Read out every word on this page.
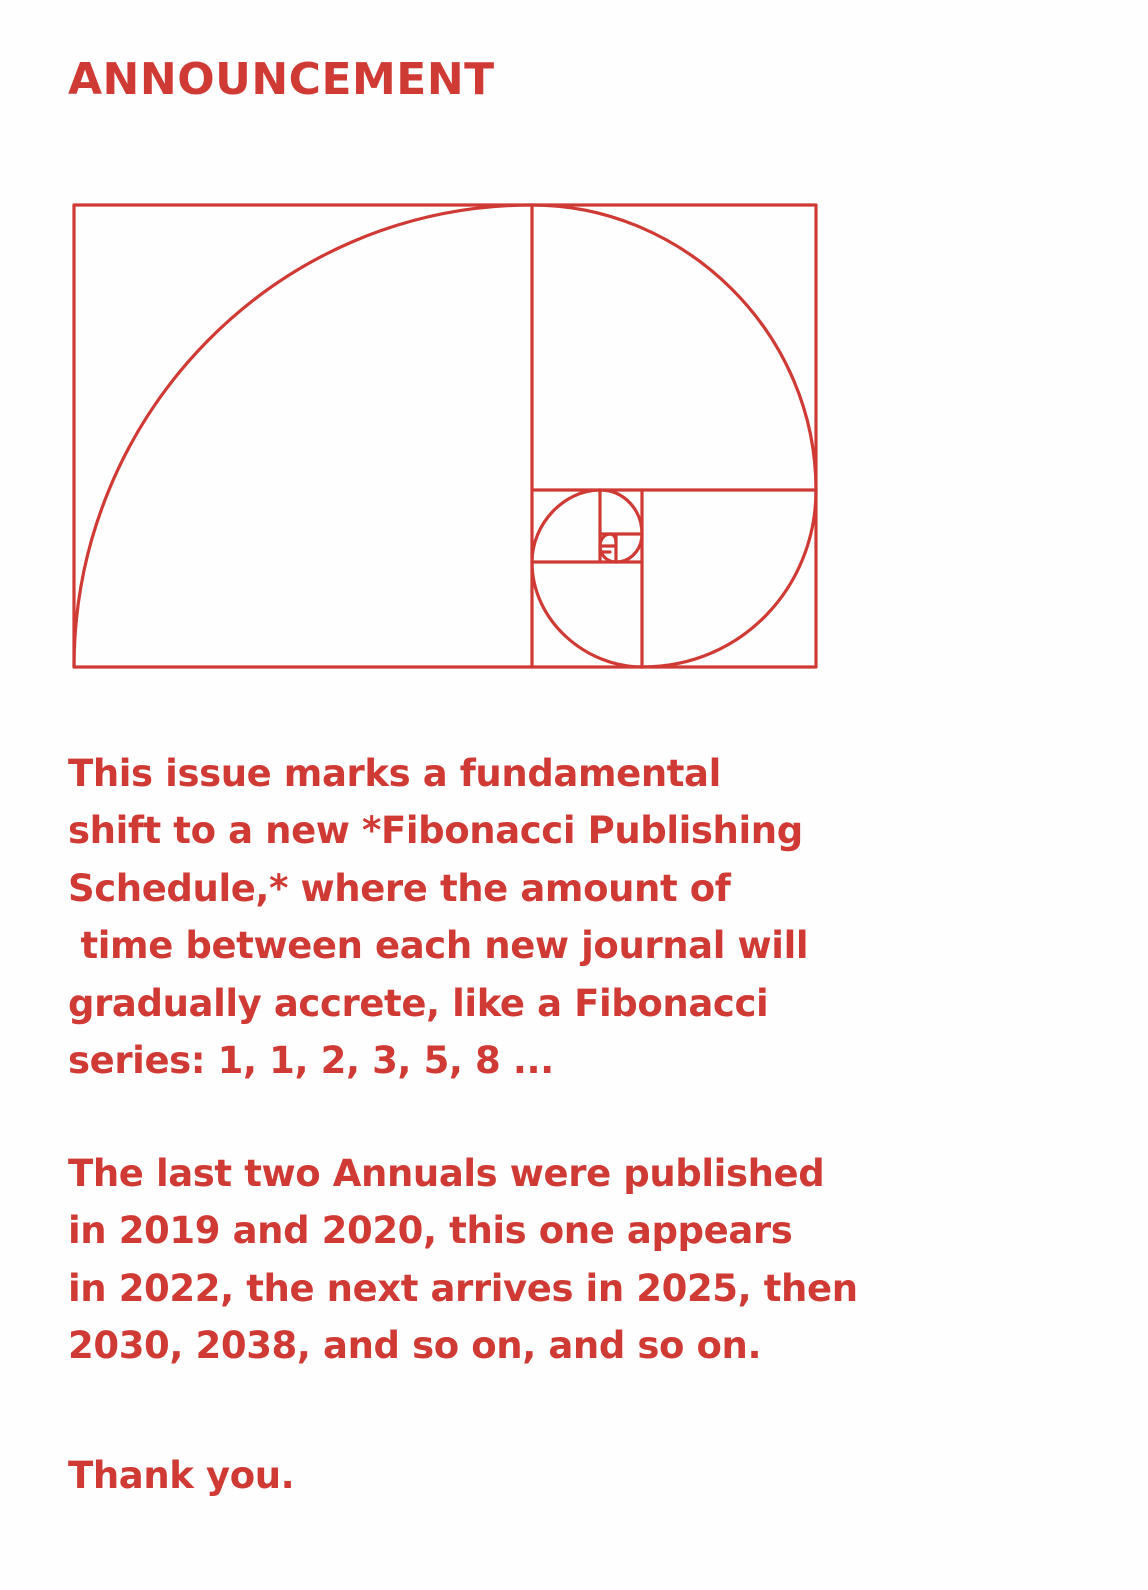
ANNOUNCEMENT
This issue marks a fundamental
shift to a new *Fibonacci Publishing
Schedule,* where the amount of
time between each new journal will
gradually accrete, like a Fibonacci
series: 1, 1, 2, 3, 5, 8 ...
The last two Annuals were published
in 2019 and 2020, this one appears
in 2022, the next arrives in 2025, then
2030, 2038, and so on, and so on.
Thank you.
